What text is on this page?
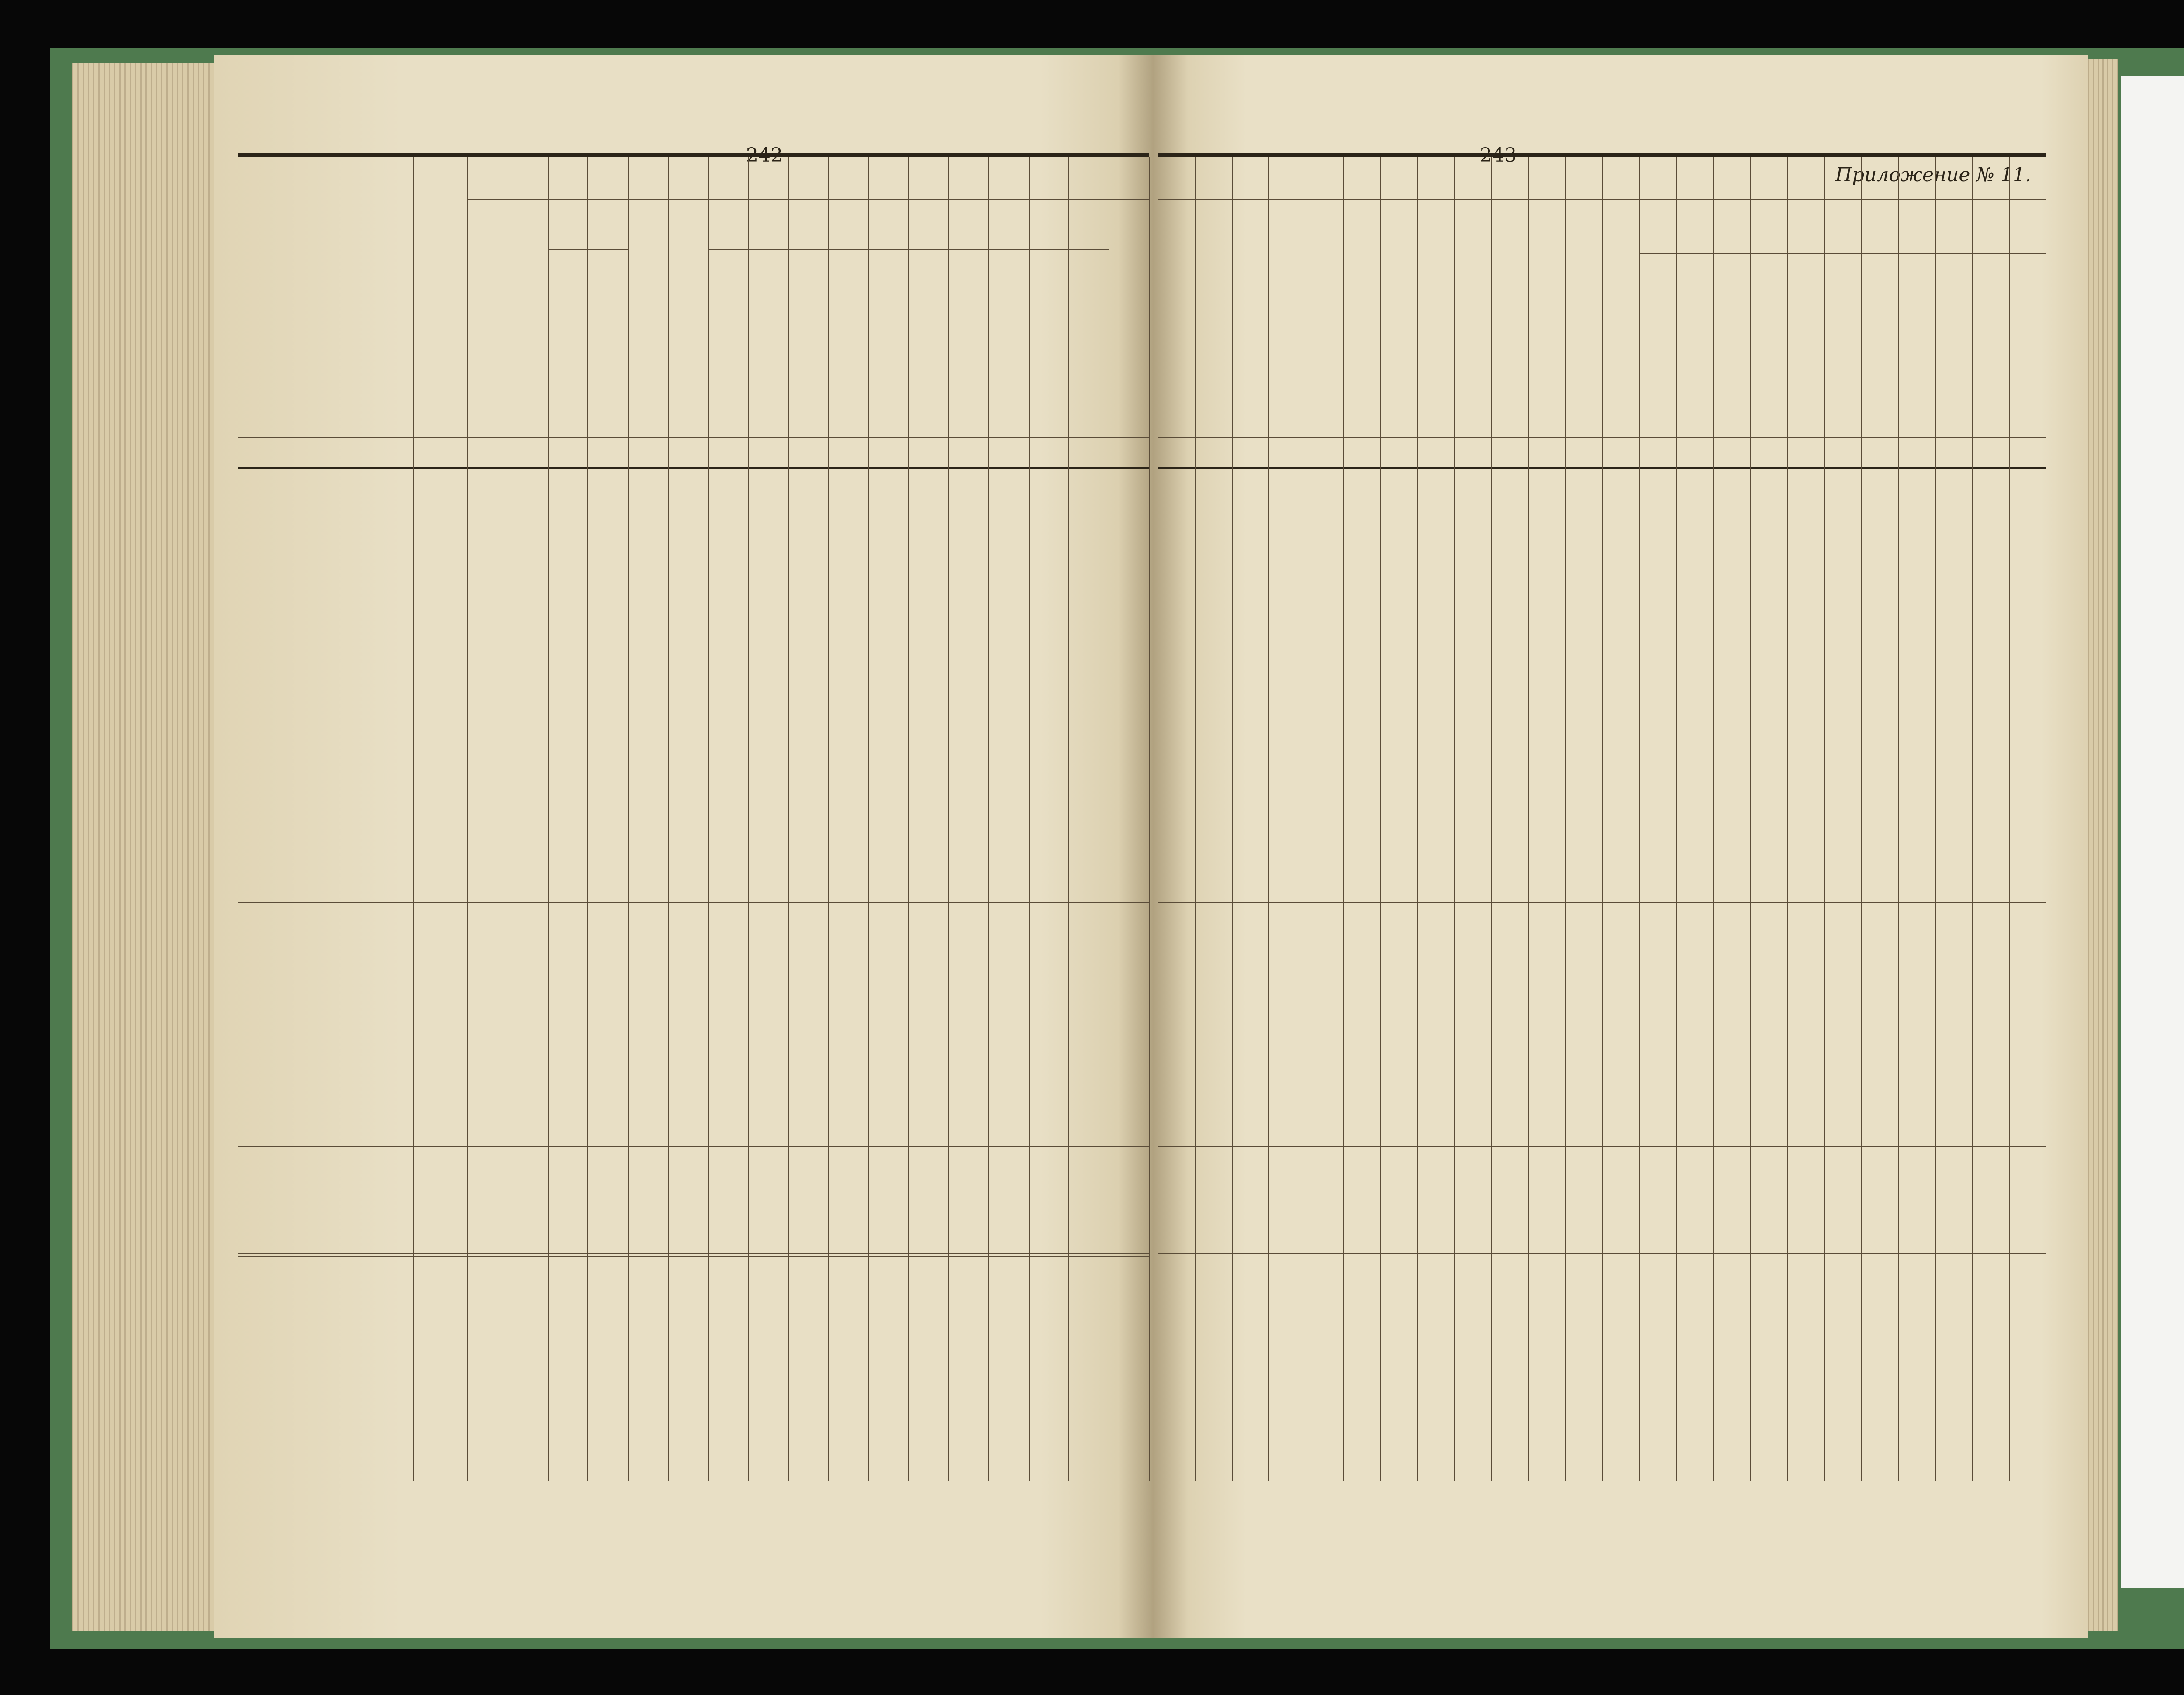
— 242 —	— 243 —
Приложение № 11.
